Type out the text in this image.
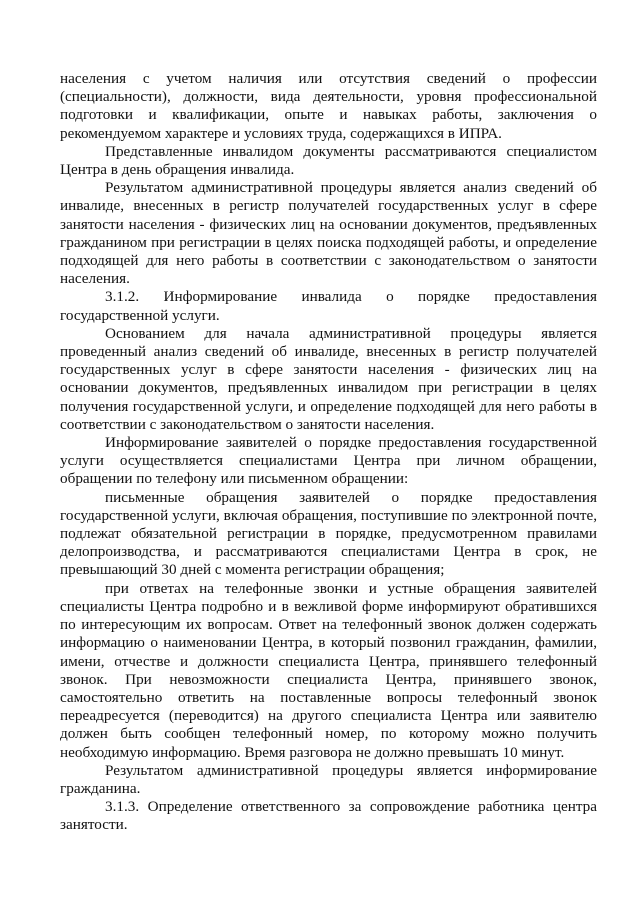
населения с учетом наличия или отсутствия сведений о профессии (специальности), должности, вида деятельности, уровня профессиональной подготовки и квалификации, опыте и навыках работы, заключения о рекомендуемом характере и условиях труда, содержащихся в ИПРА.

Представленные инвалидом документы рассматриваются специалистом Центра в день обращения инвалида.

Результатом административной процедуры является анализ сведений об инвалиде, внесенных в регистр получателей государственных услуг в сфере занятости населения - физических лиц на основании документов, предъявленных гражданином при регистрации в целях поиска подходящей работы, и определение подходящей для него работы в соответствии с законодательством о занятости населения.

3.1.2. Информирование инвалида о порядке предоставления государственной услуги.

Основанием для начала административной процедуры является проведенный анализ сведений об инвалиде, внесенных в регистр получателей государственных услуг в сфере занятости населения - физических лиц на основании документов, предъявленных инвалидом при регистрации в целях получения государственной услуги, и определение подходящей для него работы в соответствии с законодательством о занятости населения.

Информирование заявителей о порядке предоставления государственной услуги осуществляется специалистами Центра при личном обращении, обращении по телефону или письменном обращении:

письменные обращения заявителей о порядке предоставления государственной услуги, включая обращения, поступившие по электронной почте, подлежат обязательной регистрации в порядке, предусмотренном правилами делопроизводства, и рассматриваются специалистами Центра в срок, не превышающий 30 дней с момента регистрации обращения;

при ответах на телефонные звонки и устные обращения заявителей специалисты Центра подробно и в вежливой форме информируют обратившихся по интересующим их вопросам. Ответ на телефонный звонок должен содержать информацию о наименовании Центра, в который позвонил гражданин, фамилии, имени, отчестве и должности специалиста Центра, принявшего телефонный звонок. При невозможности специалиста Центра, принявшего звонок, самостоятельно ответить на поставленные вопросы телефонный звонок переадресуется (переводится) на другого специалиста Центра или заявителю должен быть сообщен телефонный номер, по которому можно получить необходимую информацию. Время разговора не должно превышать 10 минут.

Результатом административной процедуры является информирование гражданина.

3.1.3. Определение ответственного за сопровождение работника центра занятости.
